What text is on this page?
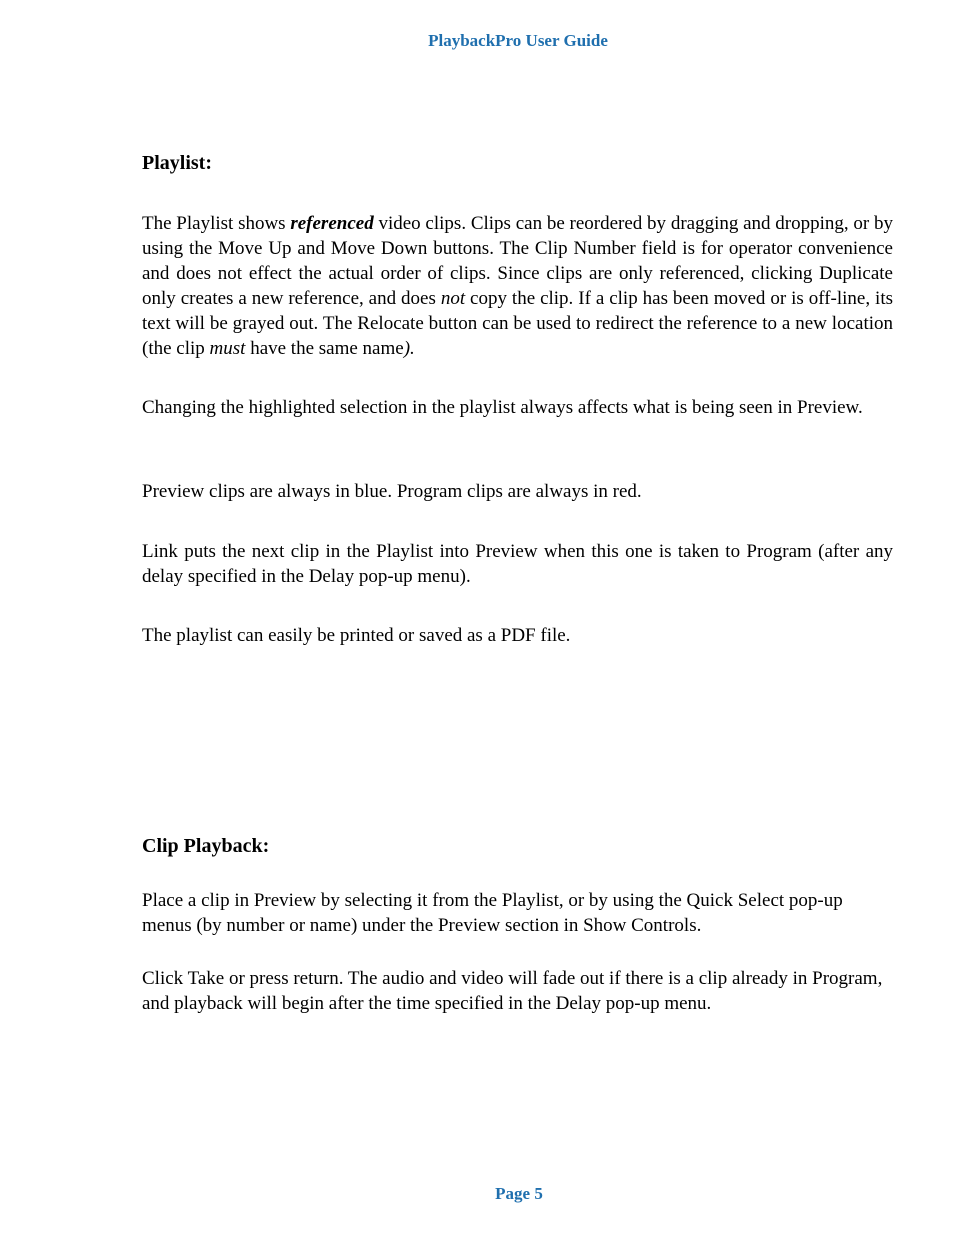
PlaybackPro User Guide
Playlist:
The Playlist shows referenced video clips. Clips can be reordered by dragging and dropping, or by using the Move Up and Move Down buttons. The Clip Number field is for operator convenience and does not effect the actual order of clips. Since clips are only referenced, clicking Duplicate only creates a new reference, and does not copy the clip. If a clip has been moved or is off-line, its text will be grayed out. The Relocate button can be used to redirect the reference to a new location (the clip must have the same name).
Changing the highlighted selection in the playlist always affects what is being seen in Preview.
Preview clips are always in blue. Program clips are always in red.
Link puts the next clip in the Playlist into Preview when this one is taken to Program (after any delay specified in the Delay pop-up menu).
The playlist can easily be printed or saved as a PDF file.
Clip Playback:
Place a clip in Preview by selecting it from the Playlist, or by using the Quick Select pop-up menus (by number or name) under the Preview section in Show Controls.
Click Take or press return. The audio and video will fade out if there is a clip already in Program, and playback will begin after the time specified in the Delay pop-up menu.
Page 5
